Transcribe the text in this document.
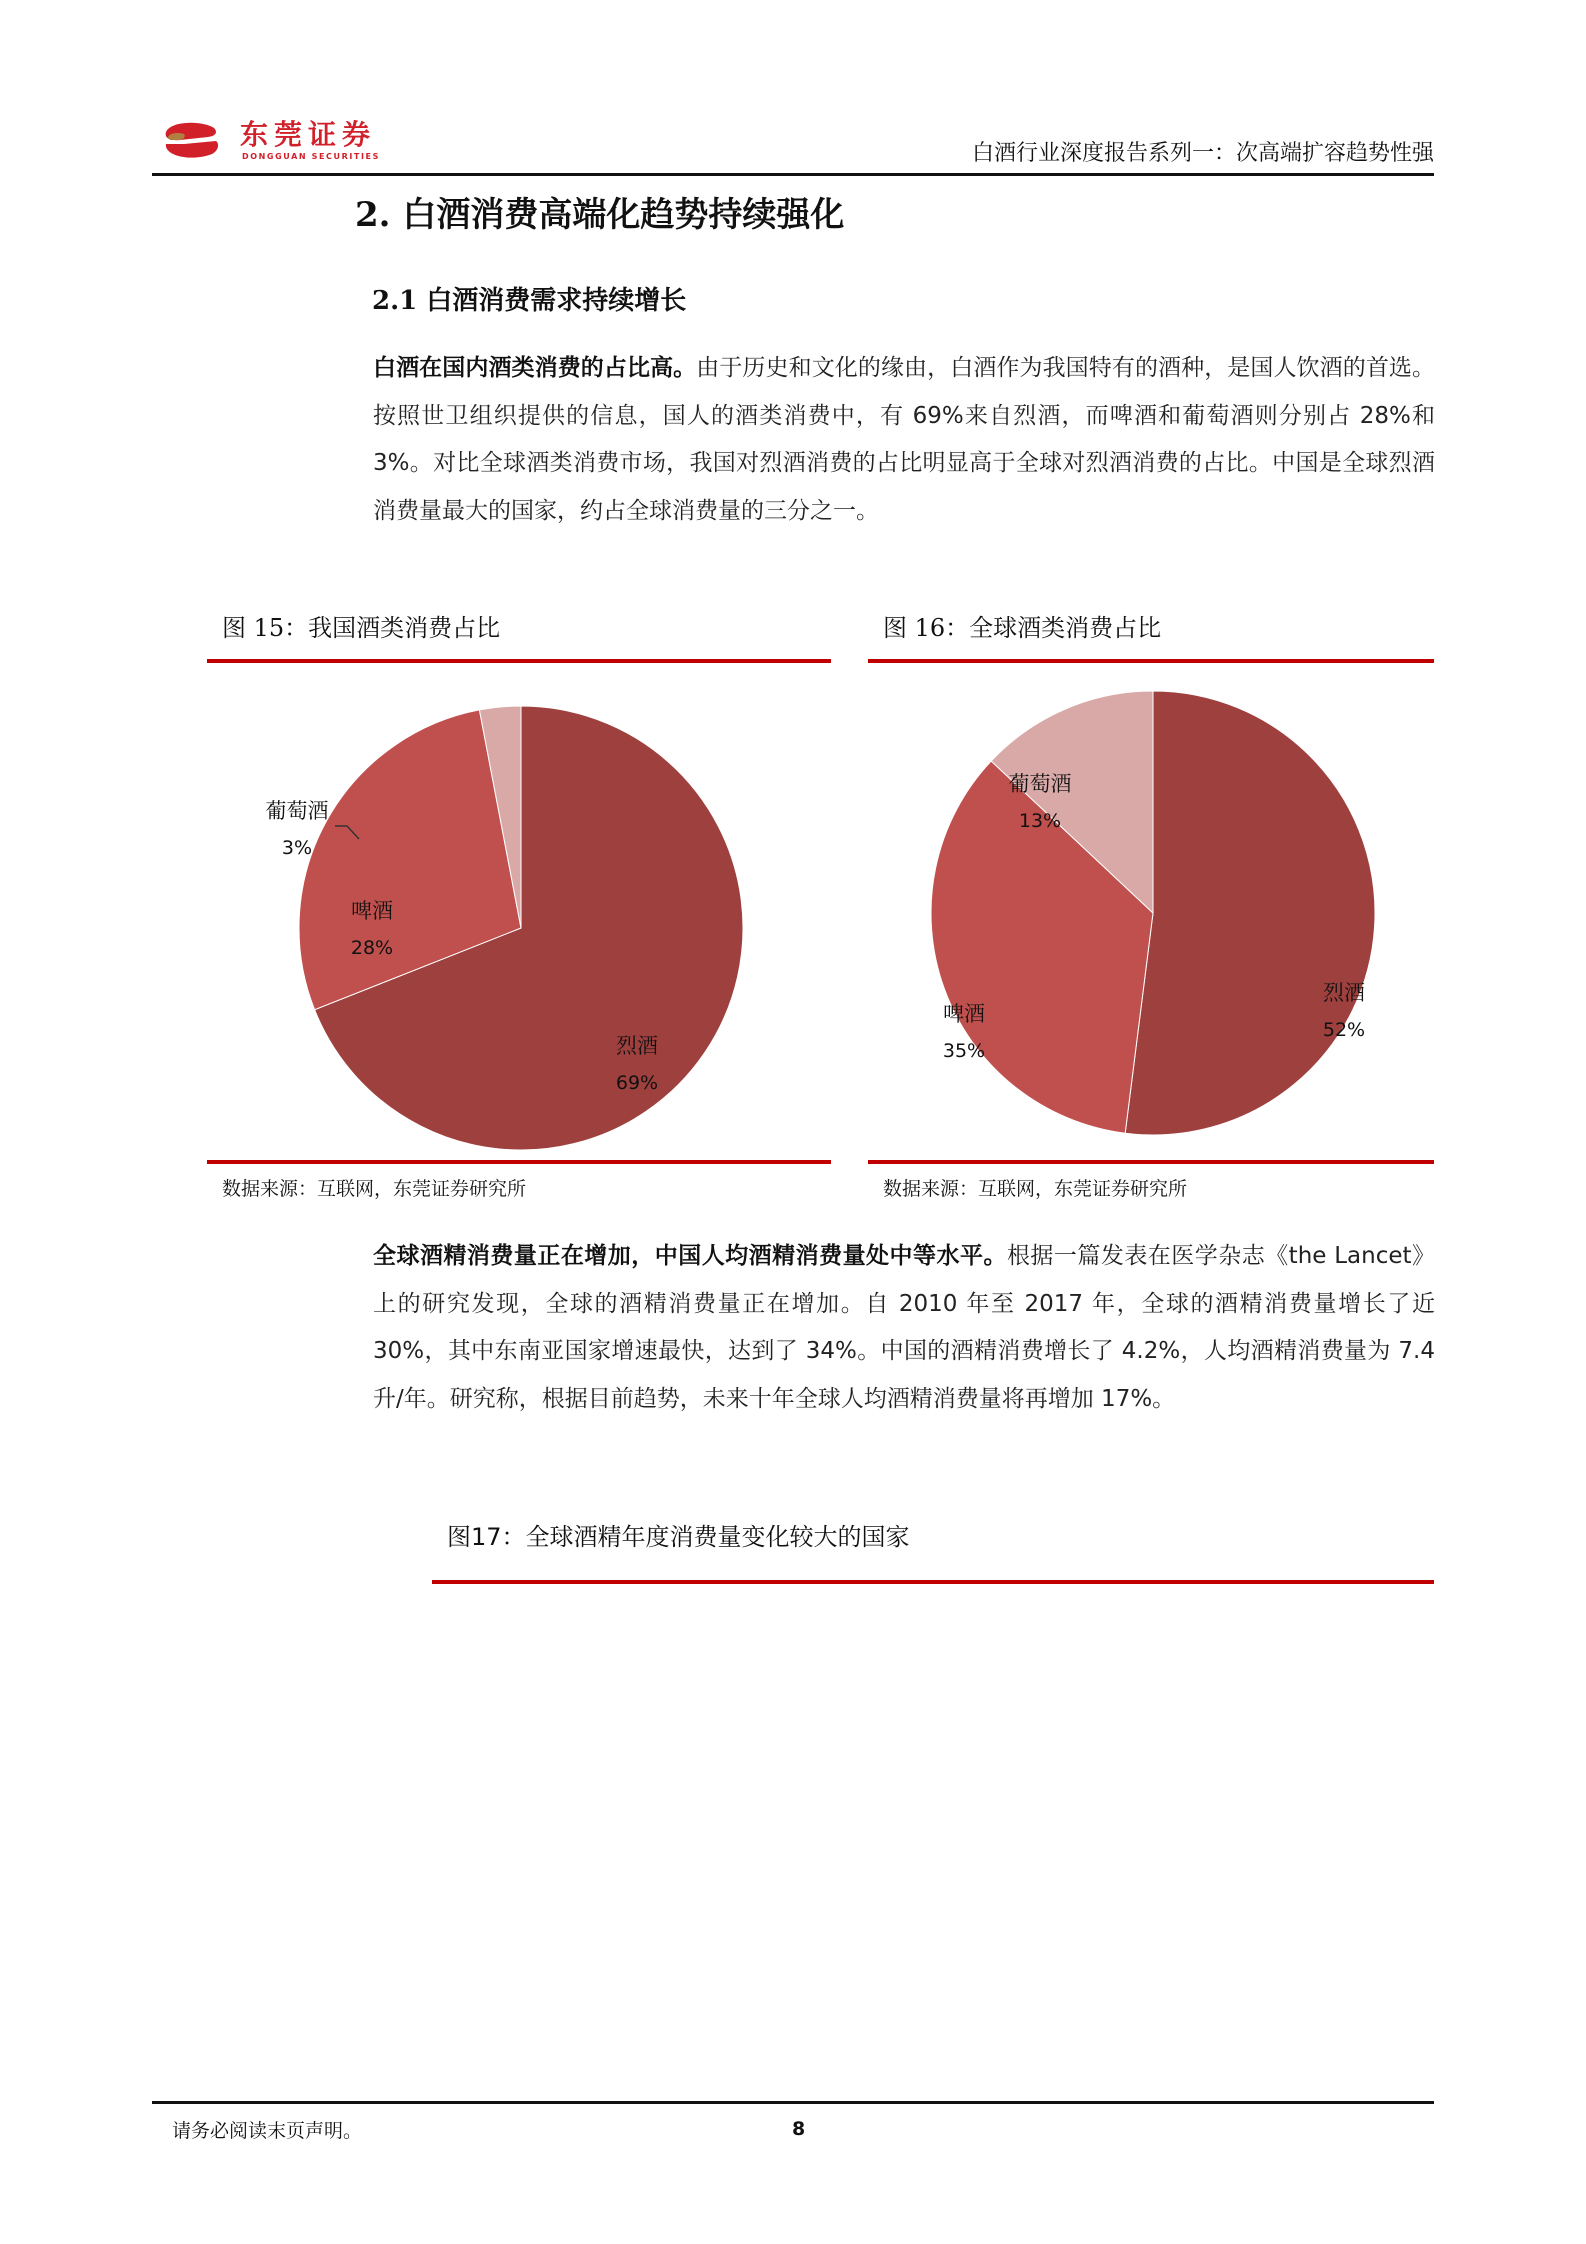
东莞证券
DONGGUAN SECURITIES	白酒行业深度报告系列一：次高端扩容趋势性强
2. 白酒消费高端化趋势持续强化
2.1 白酒消费需求持续增长
白酒在国内酒类消费的占比高。由于历史和文化的缘由，白酒作为我国特有的酒种，是国人饮酒的首选。按照世卫组织提供的信息，国人的酒类消费中，有 69%来自烈酒，而啤酒和葡萄酒则分别占 28%和 3%。对比全球酒类消费市场，我国对烈酒消费的占比明显高于全球对烈酒消费的占比。中国是全球烈酒消费量最大的国家，约占全球消费量的三分之一。
图 15：我国酒类消费占比
烈酒
69%
啤酒
28%
葡萄酒
3%
数据来源：互联网，东莞证券研究所
图 16：全球酒类消费占比
烈酒
52%
啤酒
35%
葡萄酒
13%
数据来源：互联网，东莞证券研究所
全球酒精消费量正在增加，中国人均酒精消费量处中等水平。根据一篇发表在医学杂志《the Lancet》上的研究发现，全球的酒精消费量正在增加。自 2010 年至 2017 年，全球的酒精消费量增长了近 30%，其中东南亚国家增速最快，达到了 34%。中国的酒精消费增长了 4.2%，人均酒精消费量为 7.4 升/年。研究称，根据目前趋势，未来十年全球人均酒精消费量将再增加 17%。
图17：全球酒精年度消费量变化较大的国家
请务必阅读末页声明。	8
